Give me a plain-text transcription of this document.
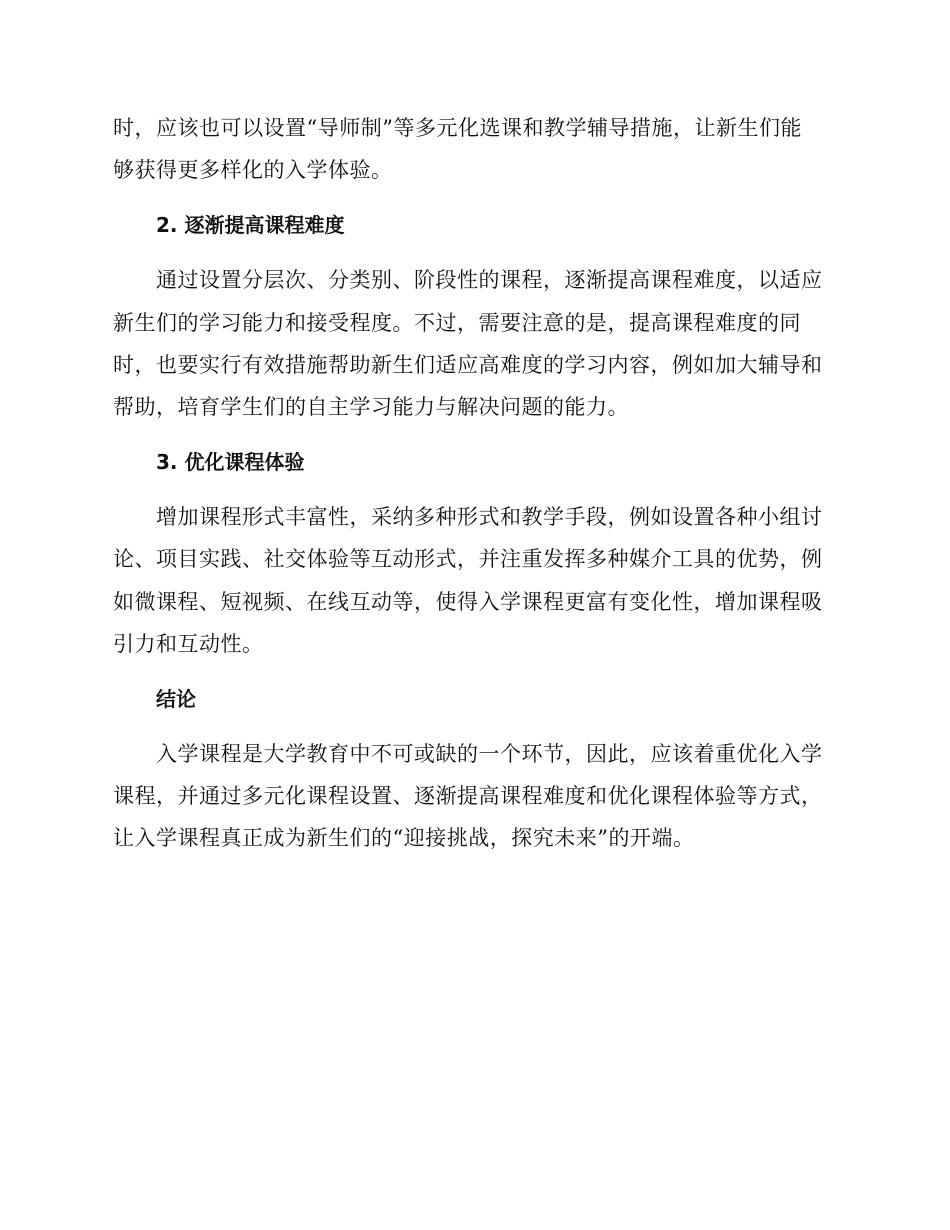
时，应该也可以设置“导师制”等多元化选课和教学辅导措施，让新生们能
够获得更多样化的入学体验。
2. 逐渐提高课程难度
通过设置分层次、分类别、阶段性的课程，逐渐提高课程难度，以适应
新生们的学习能力和接受程度。不过，需要注意的是，提高课程难度的同
时，也要实行有效措施帮助新生们适应高难度的学习内容，例如加大辅导和
帮助，培育学生们的自主学习能力与解决问题的能力。
3. 优化课程体验
增加课程形式丰富性，采纳多种形式和教学手段，例如设置各种小组讨
论、项目实践、社交体验等互动形式，并注重发挥多种媒介工具的优势，例
如微课程、短视频、在线互动等，使得入学课程更富有变化性，增加课程吸
引力和互动性。
结论
入学课程是大学教育中不可或缺的一个环节，因此，应该着重优化入学
课程，并通过多元化课程设置、逐渐提高课程难度和优化课程体验等方式，
让入学课程真正成为新生们的“迎接挑战，探究未来”的开端。
